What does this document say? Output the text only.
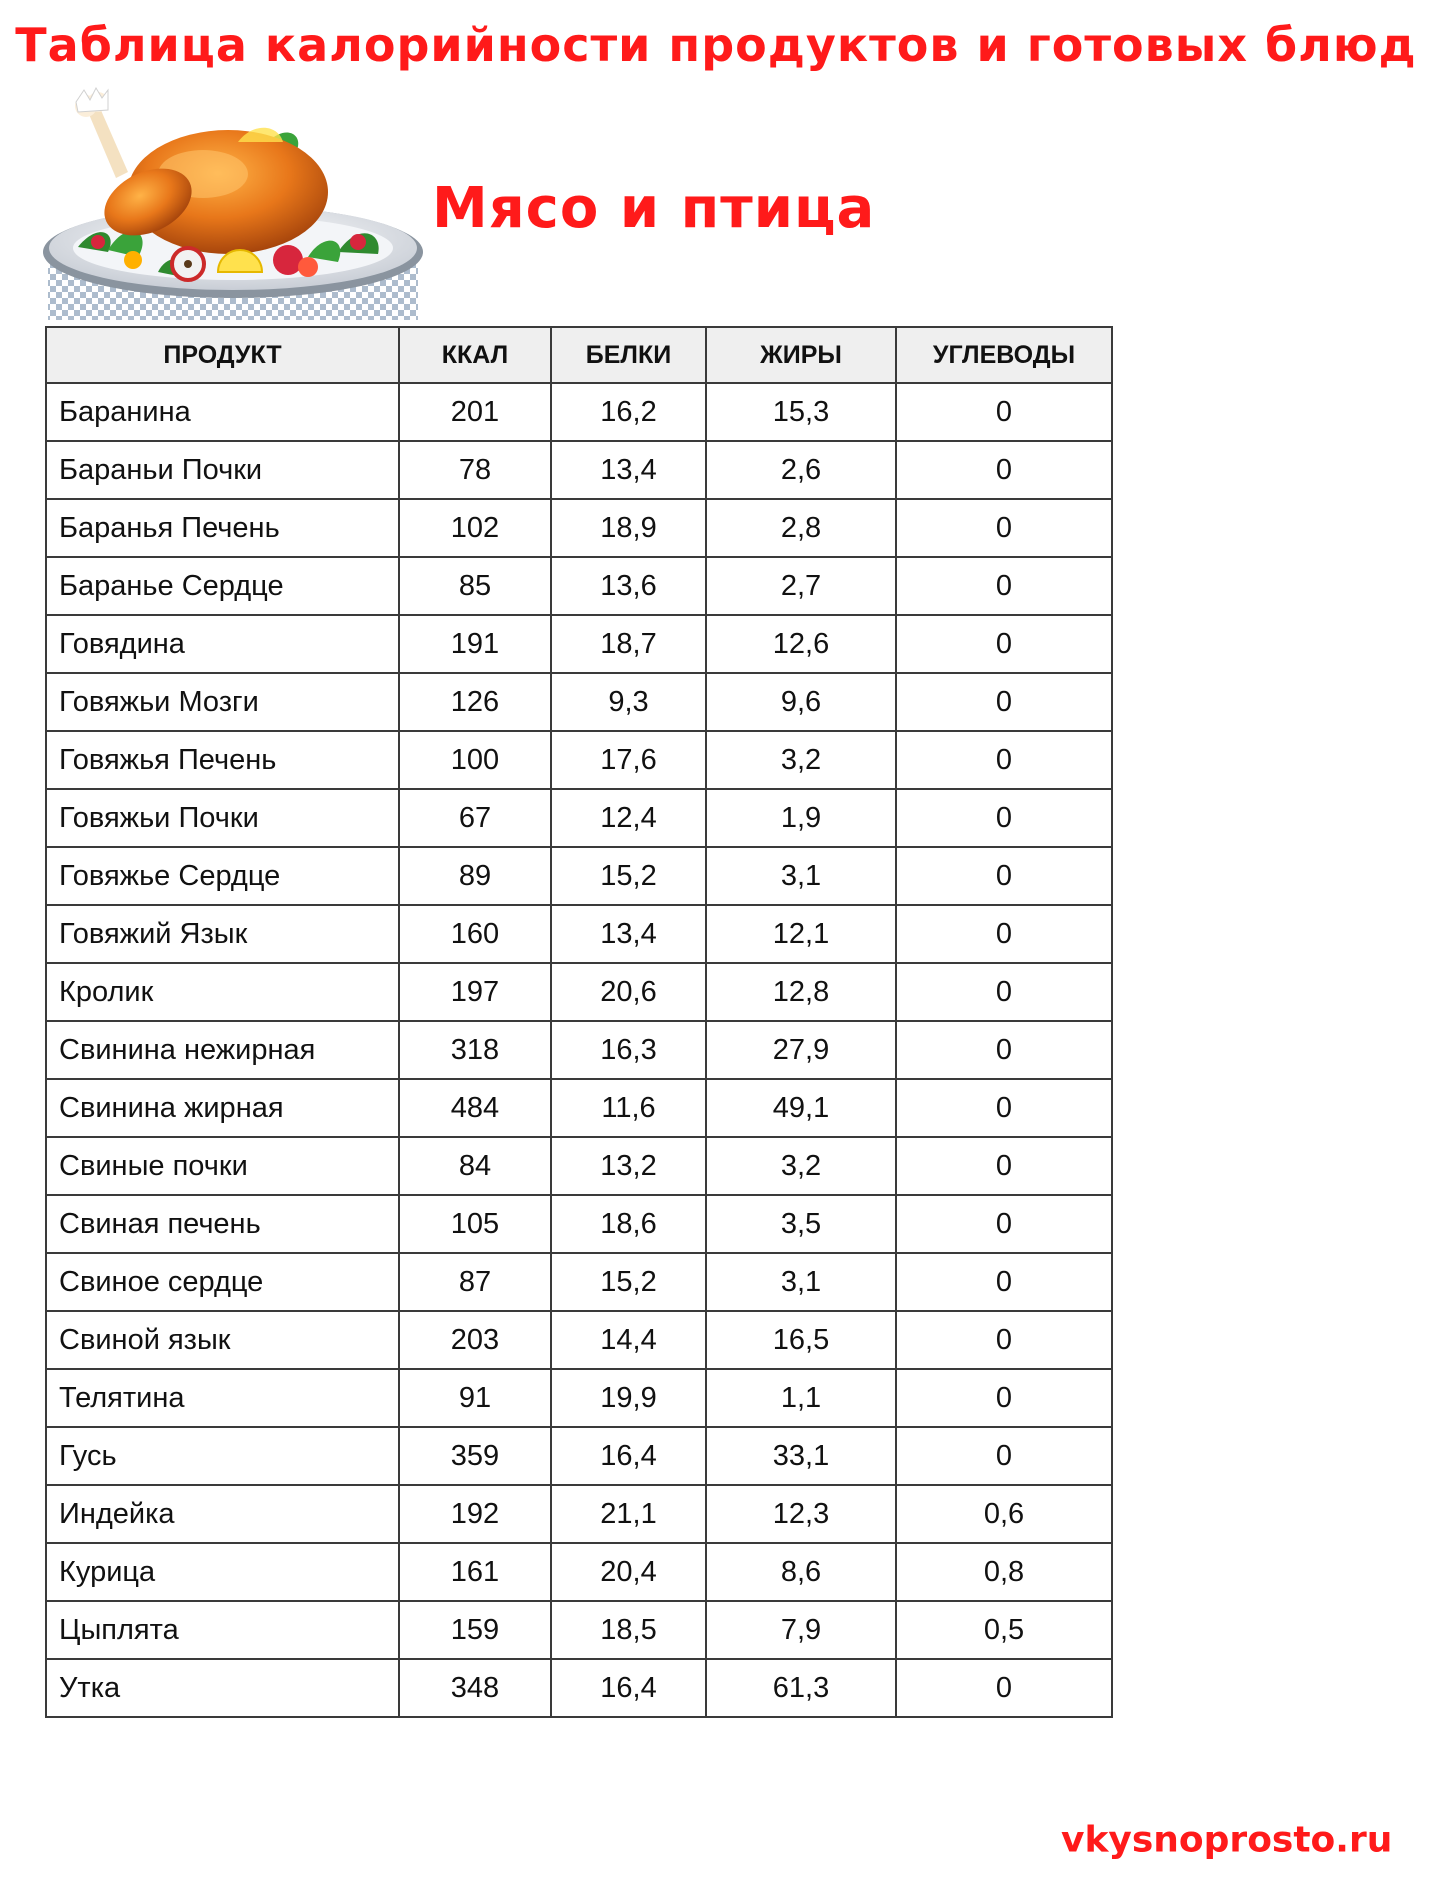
Таблица калорийности продуктов и готовых блюд
Мясо и птица
ПРОДУКТ	ККАЛ	БЕЛКИ	ЖИРЫ	УГЛЕВОДЫ
Баранина	201	16,2	15,3	0
Бараньи Почки	78	13,4	2,6	0
Баранья Печень	102	18,9	2,8	0
Баранье Сердце	85	13,6	2,7	0
Говядина	191	18,7	12,6	0
Говяжьи Мозги	126	9,3	9,6	0
Говяжья Печень	100	17,6	3,2	0
Говяжьи Почки	67	12,4	1,9	0
Говяжье Сердце	89	15,2	3,1	0
Говяжий Язык	160	13,4	12,1	0
Кролик	197	20,6	12,8	0
Свинина нежирная	318	16,3	27,9	0
Свинина жирная	484	11,6	49,1	0
Свиные почки	84	13,2	3,2	0
Свиная печень	105	18,6	3,5	0
Свиное сердце	87	15,2	3,1	0
Свиной язык	203	14,4	16,5	0
Телятина	91	19,9	1,1	0
Гусь	359	16,4	33,1	0
Индейка	192	21,1	12,3	0,6
Курица	161	20,4	8,6	0,8
Цыплята	159	18,5	7,9	0,5
Утка	348	16,4	61,3	0
vkysnoprosto.ru
